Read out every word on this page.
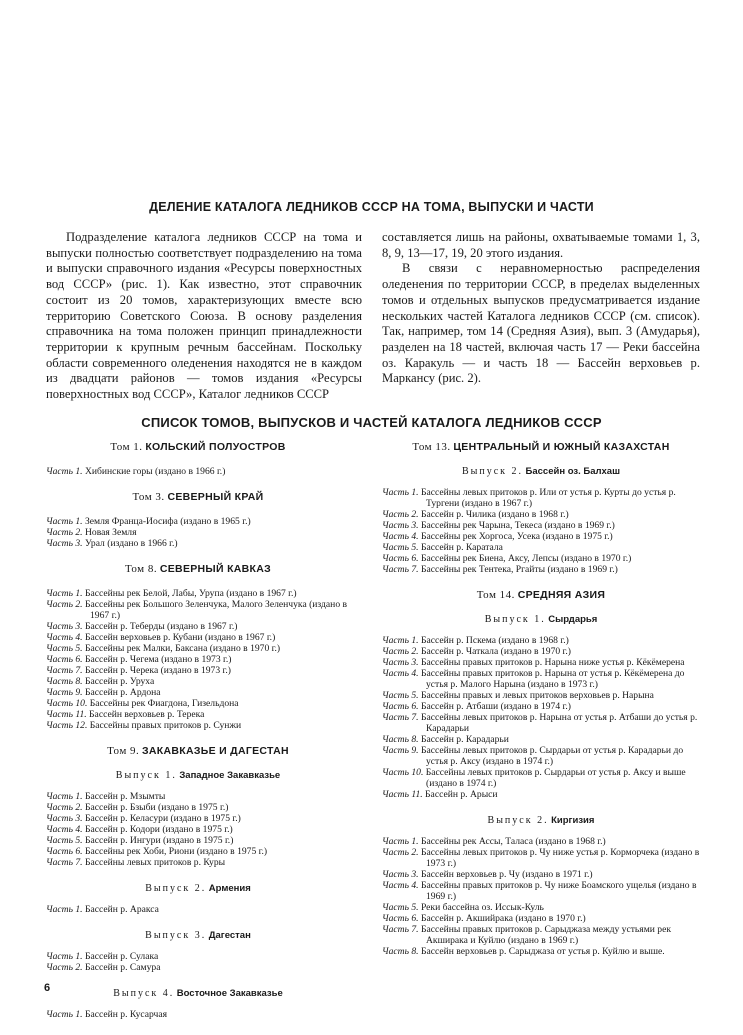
ДЕЛЕНИЕ КАТАЛОГА ЛЕДНИКОВ СССР НА ТОМА, ВЫПУСКИ И ЧАСТИ

Подразделение каталога ледников СССР на тома и выпуски полностью соответствует подразделению на тома и выпуски справочного издания «Ресурсы поверхностных вод СССР» (рис. 1). Как известно, этот справочник состоит из 20 томов, характеризующих вместе всю территорию Советского Союза. В основу разделения справочника на тома положен принцип принадлежности территории к крупным речным бассейнам. Поскольку области современного оледенения находятся не в каждом из двадцати районов — томов издания «Ресурсы поверхностных вод СССР», Каталог ледников СССР

составляется лишь на районы, охватываемые томами 1, 3, 8, 9, 13—17, 19, 20 этого издания.

В связи с неравномерностью распределения оледенения по территории СССР, в пределах выделенных томов и отдельных выпусков предусматривается издание нескольких частей Каталога ледников СССР (см. список). Так, например, том 14 (Средняя Азия), вып. 3 (Амударья), разделен на 18 частей, включая часть 17 — Реки бассейна оз. Каракуль — и часть 18 — Бассейн верховьев р. Маркансу (рис. 2).

СПИСОК ТОМОВ, ВЫПУСКОВ И ЧАСТЕЙ КАТАЛОГА ЛЕДНИКОВ СССР
Том 1. КОЛЬСКИЙ ПОЛУОСТРОВ
Часть 1. Хибинские горы (издано в 1966 г.)
Том 3. СЕВЕРНЫЙ КРАЙ
Часть 1. Земля Франца-Иосифа (издано в 1965 г.)
Часть 2. Новая Земля
Часть 3. Урал (издано в 1966 г.)
Том 8. СЕВЕРНЫЙ КАВКАЗ
Часть 1. Бассейны рек Белой, Лабы, Урупа (издано в 1967 г.)
Часть 2. Бассейны рек Большого Зеленчука, Малого Зеленчука (издано в 1967 г.)
Часть 3. Бассейн р. Теберды (издано в 1967 г.)
Часть 4. Бассейн верховьев р. Кубани (издано в 1967 г.)
Часть 5. Бассейны рек Малки, Баксана (издано в 1970 г.)
Часть 6. Бассейн р. Чегема (издано в 1973 г.)
Часть 7. Бассейн р. Черека (издано в 1973 г.)
Часть 8. Бассейн р. Уруха
Часть 9. Бассейн р. Ардона
Часть 10. Бассейны рек Фиагдона, Гизельдона
Часть 11. Бассейн верховьев р. Терека
Часть 12. Бассейны правых притоков р. Сунжи
Том 9. ЗАКАВКАЗЬЕ И ДАГЕСТАН
Выпуск 1. Западное Закавказье
Часть 1. Бассейн р. Мзымты
Часть 2. Бассейн р. Бзыби (издано в 1975 г.)
Часть 3. Бассейн р. Келасури (издано в 1975 г.)
Часть 4. Бассейн р. Кодори (издано в 1975 г.)
Часть 5. Бассейн р. Ингури (издано в 1975 г.)
Часть 6. Бассейны рек Хоби, Риони (издано в 1975 г.)
Часть 7. Бассейны левых притоков р. Куры
Выпуск 2. Армения
Часть 1. Бассейн р. Аракса
Выпуск 3. Дагестан
Часть 1. Бассейн р. Сулака
Часть 2. Бассейн р. Самура
Выпуск 4. Восточное Закавказье
Часть 1. Бассейн р. Кусарчая
Том 13. ЦЕНТРАЛЬНЫЙ И ЮЖНЫЙ КАЗАХСТАН
Выпуск 2. Бассейн оз. Балхаш
Часть 1. Бассейны левых притоков р. Или от устья р. Курты до устья р. Тургени (издано в 1967 г.)
Часть 2. Бассейн р. Чилика (издано в 1968 г.)
Часть 3. Бассейны рек Чарына, Текеса (издано в 1969 г.)
Часть 4. Бассейны рек Хоргоса, Усека (издано в 1975 г.)
Часть 5. Бассейн р. Каратала
Часть 6. Бассейны рек Биена, Аксу, Лепсы (издано в 1970 г.)
Часть 7. Бассейны рек Тентека, Ргайты (издано в 1969 г.)
Том 14. СРЕДНЯЯ АЗИЯ
Выпуск 1. Сырдарья
Часть 1. Бассейн р. Пскема (издано в 1968 г.)
Часть 2. Бассейн р. Чаткала (издано в 1970 г.)
Часть 3. Бассейны правых притоков р. Нарына ниже устья р. Кёкёмерена
Часть 4. Бассейны правых притоков р. Нарына от устья р. Кёкёмерена до устья р. Малого Нарына (издано в 1973 г.)
Часть 5. Бассейны правых и левых притоков верховьев р. Нарына
Часть 6. Бассейн р. Атбаши (издано в 1974 г.)
Часть 7. Бассейны левых притоков р. Нарына от устья р. Атбаши до устья р. Карадарьи
Часть 8. Бассейн р. Карадарьи
Часть 9. Бассейны левых притоков р. Сырдарьи от устья р. Карадарьи до устья р. Аксу (издано в 1974 г.)
Часть 10. Бассейны левых притоков р. Сырдарьи от устья р. Аксу и выше (издано в 1974 г.)
Часть 11. Бассейн р. Арыси
Выпуск 2. Киргизия
Часть 1. Бассейны рек Ассы, Таласа (издано в 1968 г.)
Часть 2. Бассейны левых притоков р. Чу ниже устья р. Корморчека (издано в 1973 г.)
Часть 3. Бассейн верховьев р. Чу (издано в 1971 г.)
Часть 4. Бассейны правых притоков р. Чу ниже Боамского ущелья (издано в 1969 г.)
Часть 5. Реки бассейна оз. Иссык-Куль
Часть 6. Бассейн р. Акшийрака (издано в 1970 г.)
Часть 7. Бассейны правых притоков р. Сарыджаза между устьями рек Акширака и Куйлю (издано в 1969 г.)
Часть 8. Бассейн верховьев р. Сарыджаза от устья р. Куйлю и выше.
6
